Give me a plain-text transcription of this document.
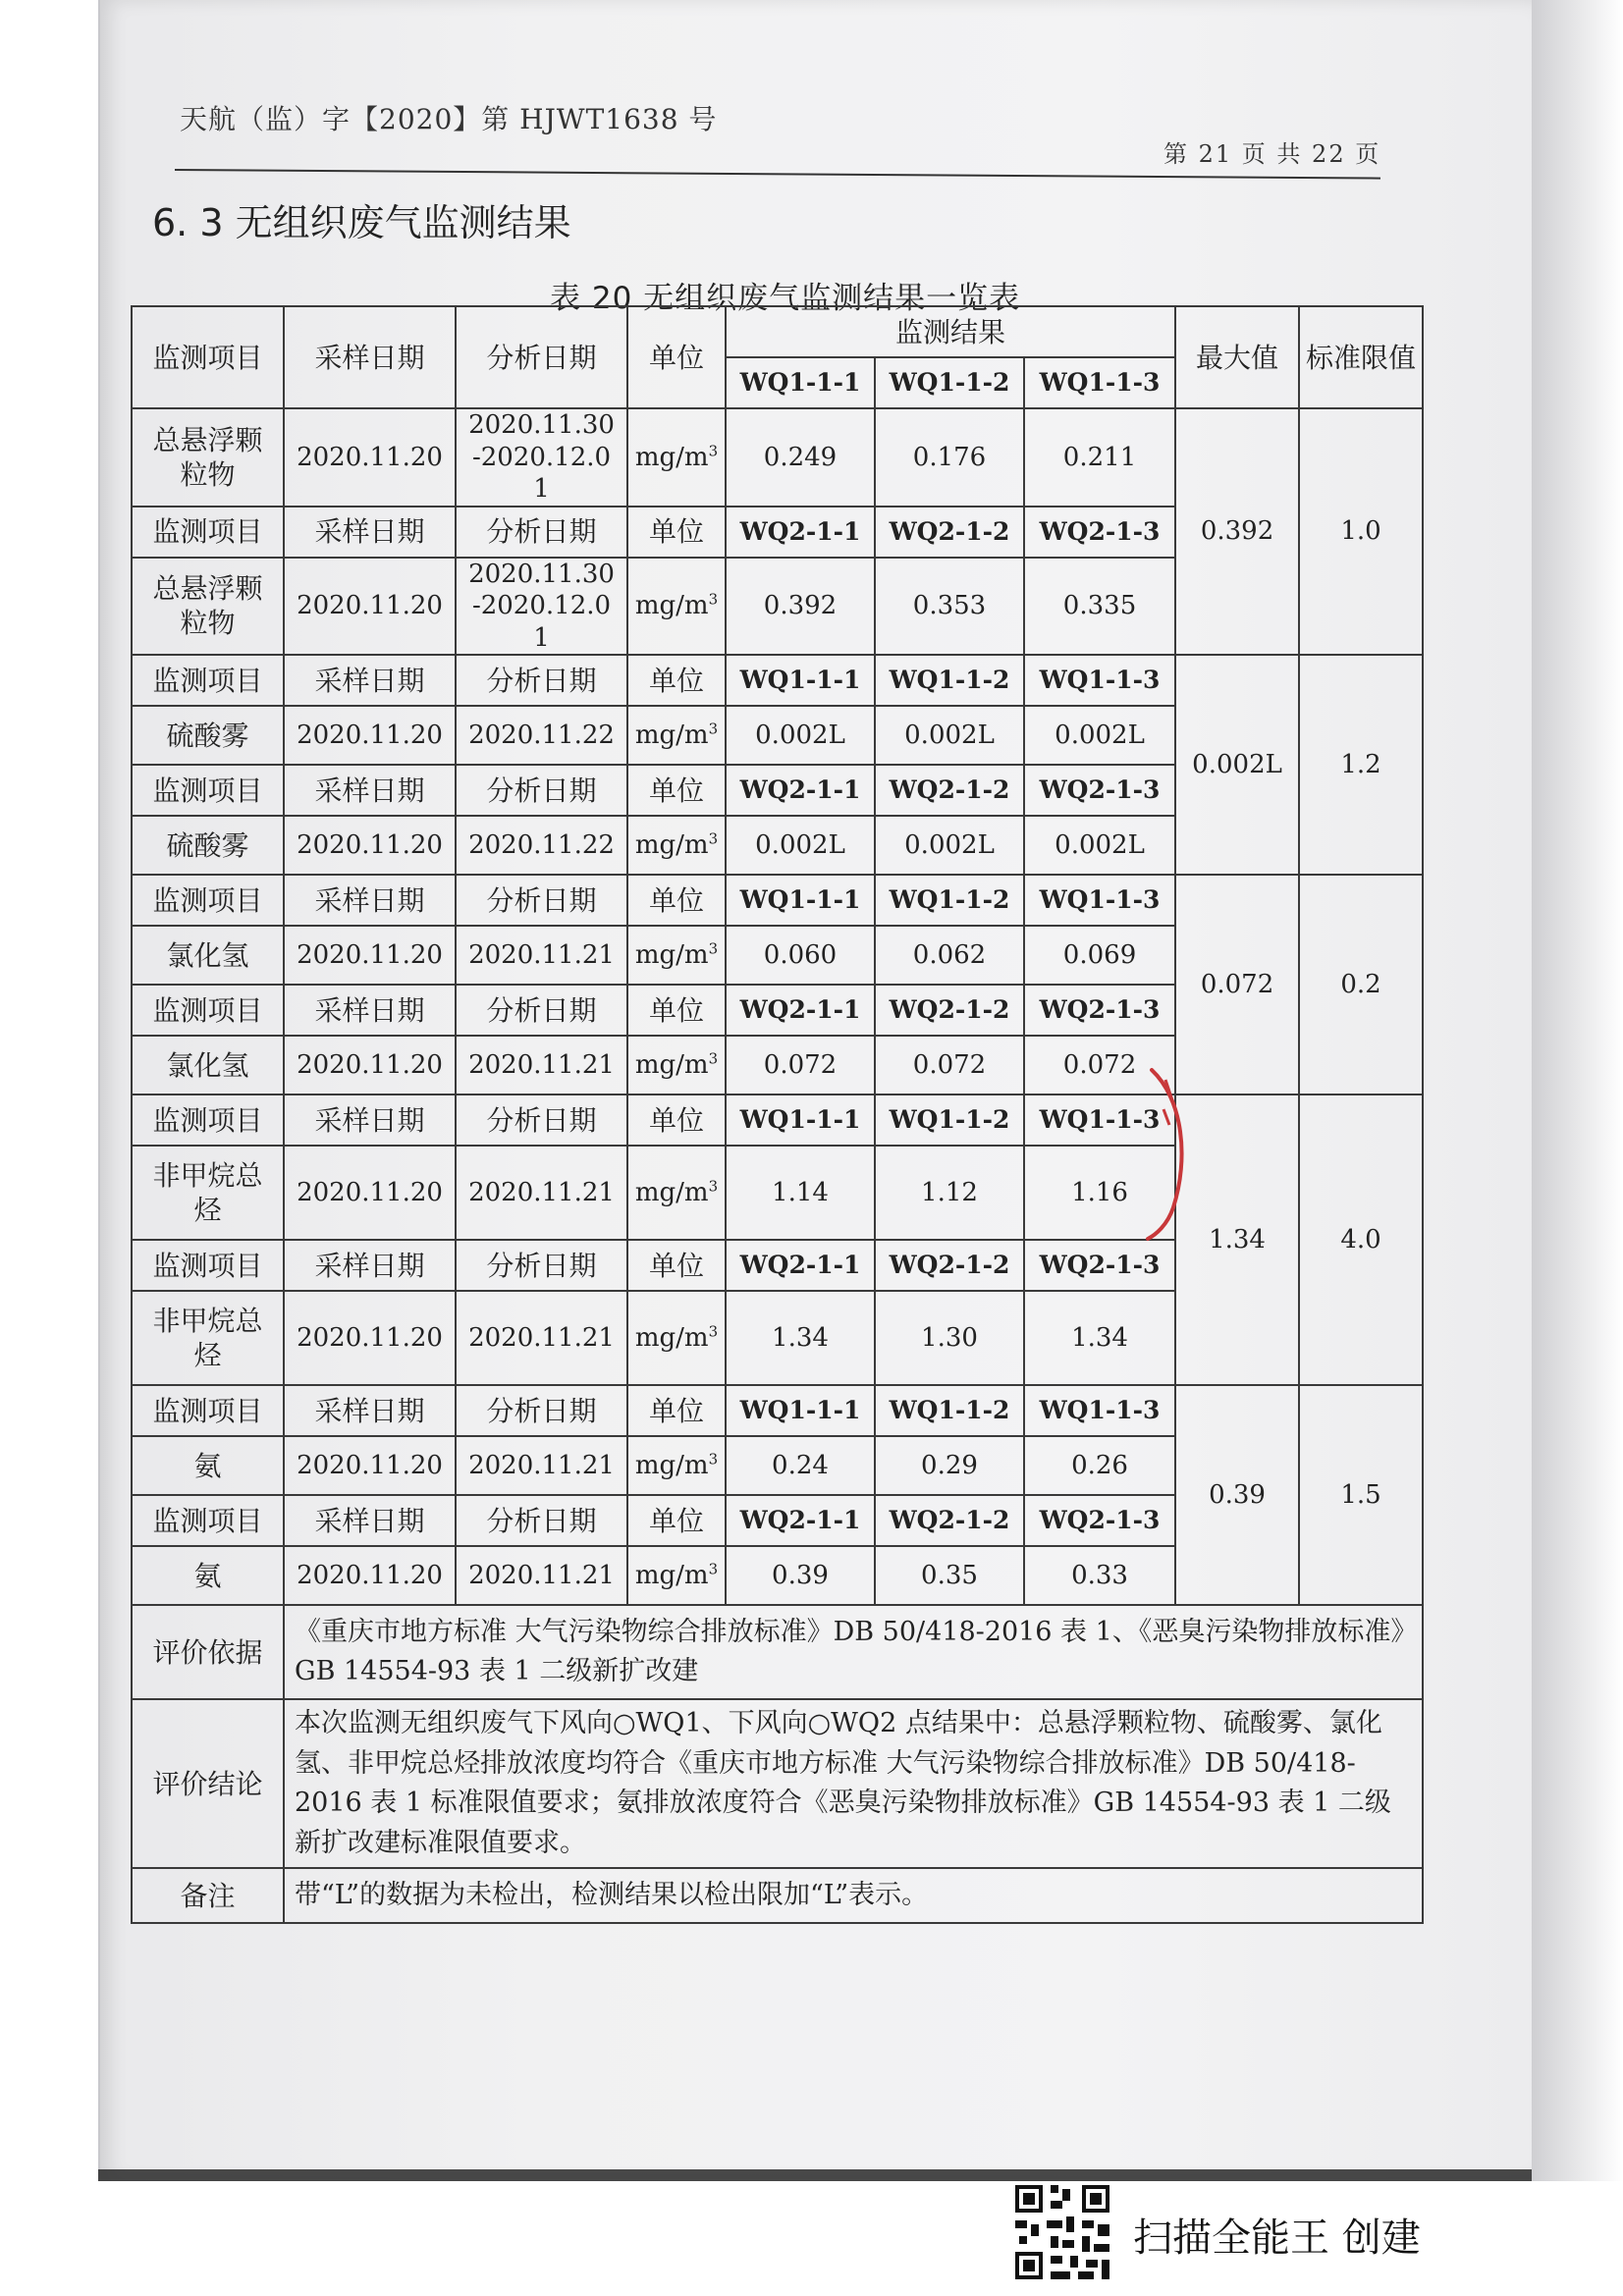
天航（监）字【2020】第 HJWT1638 号
第 21 页 共 22 页
6. 3 无组织废气监测结果
表 20 无组织废气监测结果一览表
监测项目	采样日期	分析日期	单位	监测结果			最大值	标准限值
				WQ1-1-1	WQ1-1-2	WQ1-1-3		
总悬浮颗粒物	2020.11.20	2020.11.30-2020.12.01	$mg/m^3$	0.249	0.176	0.211	0.392	1.0
监测项目	采样日期	分析日期	单位	WQ2-1-1	WQ2-1-2	WQ2-1-3		
总悬浮颗粒物	2020.11.20	2020.11.30-2020.12.01	$mg/m^3$	0.392	0.353	0.335		
监测项目	采样日期	分析日期	单位	WQ1-1-1	WQ1-1-2	WQ1-1-3	0.002L	1.2
硫酸雾	2020.11.20	2020.11.22	$mg/m^3$	0.002L	0.002L	0.002L		
监测项目	采样日期	分析日期	单位	WQ2-1-1	WQ2-1-2	WQ2-1-3		
硫酸雾	2020.11.20	2020.11.22	$mg/m^3$	0.002L	0.002L	0.002L		
监测项目	采样日期	分析日期	单位	WQ1-1-1	WQ1-1-2	WQ1-1-3	0.072	0.2
氯化氢	2020.11.20	2020.11.21	$mg/m^3$	0.060	0.062	0.069		
监测项目	采样日期	分析日期	单位	WQ2-1-1	WQ2-1-2	WQ2-1-3		
氯化氢	2020.11.20	2020.11.21	$mg/m^3$	0.072	0.072	0.072		
监测项目	采样日期	分析日期	单位	WQ1-1-1	WQ1-1-2	WQ1-1-3	1.34	4.0
非甲烷总烃	2020.11.20	2020.11.21	$mg/m^3$	1.14	1.12	1.16		
监测项目	采样日期	分析日期	单位	WQ2-1-1	WQ2-1-2	WQ2-1-3		
非甲烷总烃	2020.11.20	2020.11.21	$mg/m^3$	1.34	1.30	1.34		
监测项目	采样日期	分析日期	单位	WQ1-1-1	WQ1-1-2	WQ1-1-3	0.39	1.5
氨	2020.11.20	2020.11.21	$mg/m^3$	0.24	0.29	0.26		
监测项目	采样日期	分析日期	单位	WQ2-1-1	WQ2-1-2	WQ2-1-3		
氨	2020.11.20	2020.11.21	$mg/m^3$	0.39	0.35	0.33		
评价依据	《重庆市地方标准 大气污染物综合排放标准》DB 50/418-2016 表 1、《恶臭污染物排放标准》GB 14554-93 表 1 二级新扩改建							
评价结论	本次监测无组织废气下风向○WQ1、下风向○WQ2 点结果中：总悬浮颗粒物、硫酸雾、氯化氢、非甲烷总烃排放浓度均符合《重庆市地方标准 大气污染物综合排放标准》DB 50/418-2016 表 1 标准限值要求；氨排放浓度符合《恶臭污染物排放标准》GB 14554-93 表 1 二级新扩改建标准限值要求。							
备注	带“L”的数据为未检出，检测结果以检出限加“L”表示。							
扫描全能王 创建
